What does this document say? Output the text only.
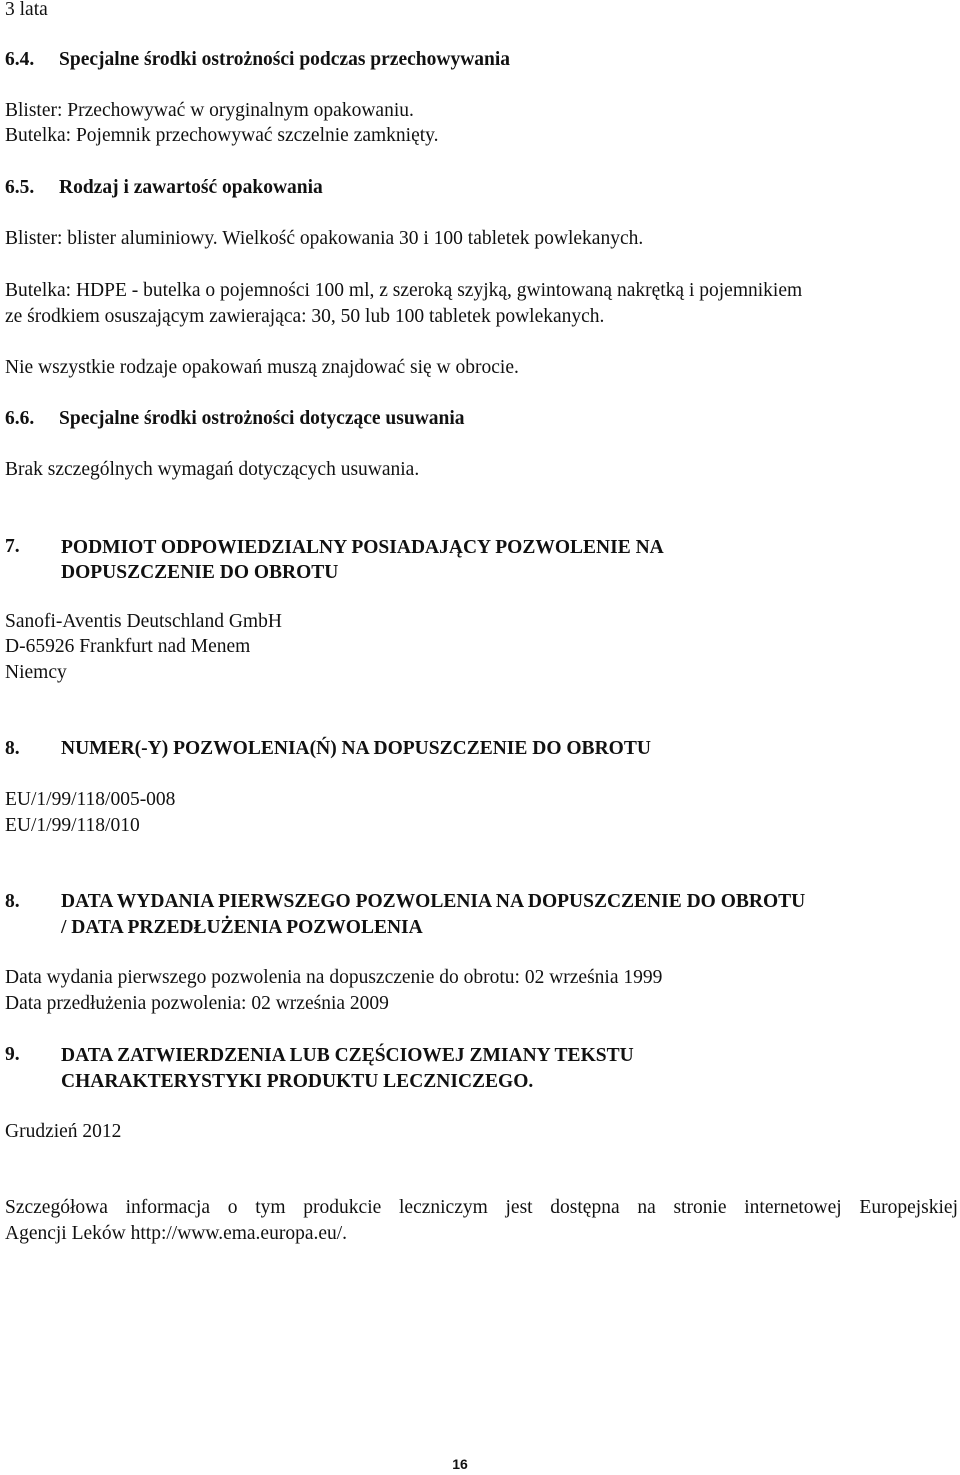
3 lata
6.4. Specjalne środki ostrożności podczas przechowywania
Blister: Przechowywać w oryginalnym opakowaniu.
Butelka: Pojemnik przechowywać szczelnie zamknięty.
6.5. Rodzaj i zawartość opakowania
Blister: blister aluminiowy. Wielkość opakowania 30 i 100 tabletek powlekanych.
Butelka: HDPE - butelka o pojemności 100 ml, z szeroką szyjką, gwintowaną nakrętką i pojemnikiem
ze środkiem osuszającym zawierająca: 30, 50 lub 100 tabletek powlekanych.
Nie wszystkie rodzaje opakowań muszą znajdować się w obrocie.
6.6. Specjalne środki ostrożności dotyczące usuwania
Brak szczególnych wymagań dotyczących usuwania.
7. PODMIOT ODPOWIEDZIALNY POSIADAJĄCY POZWOLENIE NA
DOPUSZCZENIE DO OBROTU
Sanofi-Aventis Deutschland GmbH
D-65926 Frankfurt nad Menem
Niemcy
8. NUMER(-Y) POZWOLENIA(Ń) NA DOPUSZCZENIE DO OBROTU
EU/1/99/118/005-008
EU/1/99/118/010
8. DATA WYDANIA PIERWSZEGO POZWOLENIA NA DOPUSZCZENIE DO OBROTU
/ DATA PRZEDŁUŻENIA POZWOLENIA
Data wydania pierwszego pozwolenia na dopuszczenie do obrotu: 02 września 1999
Data przedłużenia pozwolenia: 02 września 2009
9. DATA ZATWIERDZENIA LUB CZĘŚCIOWEJ ZMIANY TEKSTU
CHARAKTERYSTYKI PRODUKTU LECZNICZEGO.
Grudzień 2012
Szczegółowa informacja o tym produkcie leczniczym jest dostępna na stronie internetowej Europejskiej
Agencji Leków http://www.ema.europa.eu/.
16
